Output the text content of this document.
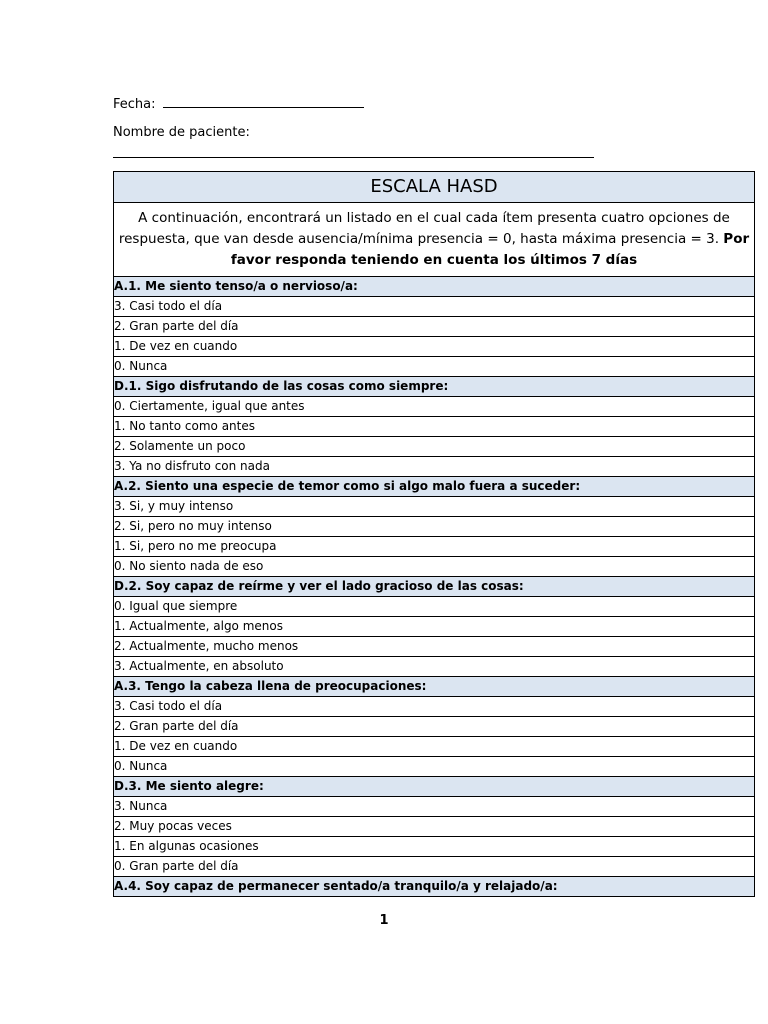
Fecha:
Nombre de paciente:
ESCALA HASD
A continuación, encontrará un listado en el cual cada ítem presenta cuatro opciones de respuesta, que van desde ausencia/mínima presencia = 0, hasta máxima presencia = 3. Por favor responda teniendo en cuenta los últimos 7 días
A.1. Me siento tenso/a o nervioso/a:
3. Casi todo el día
2. Gran parte del día
1. De vez en cuando
0. Nunca
D.1. Sigo disfrutando de las cosas como siempre:
0. Ciertamente, igual que antes
1. No tanto como antes
2. Solamente un poco
3. Ya no disfruto con nada
A.2. Siento una especie de temor como si algo malo fuera a suceder:
3. Si, y muy intenso
2. Si, pero no muy intenso
1. Si, pero no me preocupa
0. No siento nada de eso
D.2. Soy capaz de reírme y ver el lado gracioso de las cosas:
0. Igual que siempre
1. Actualmente, algo menos
2. Actualmente, mucho menos
3. Actualmente, en absoluto
A.3. Tengo la cabeza llena de preocupaciones:
3. Casi todo el día
2. Gran parte del día
1. De vez en cuando
0. Nunca
D.3. Me siento alegre:
3. Nunca
2. Muy pocas veces
1. En algunas ocasiones
0. Gran parte del día
A.4. Soy capaz de permanecer sentado/a tranquilo/a y relajado/a:
1
